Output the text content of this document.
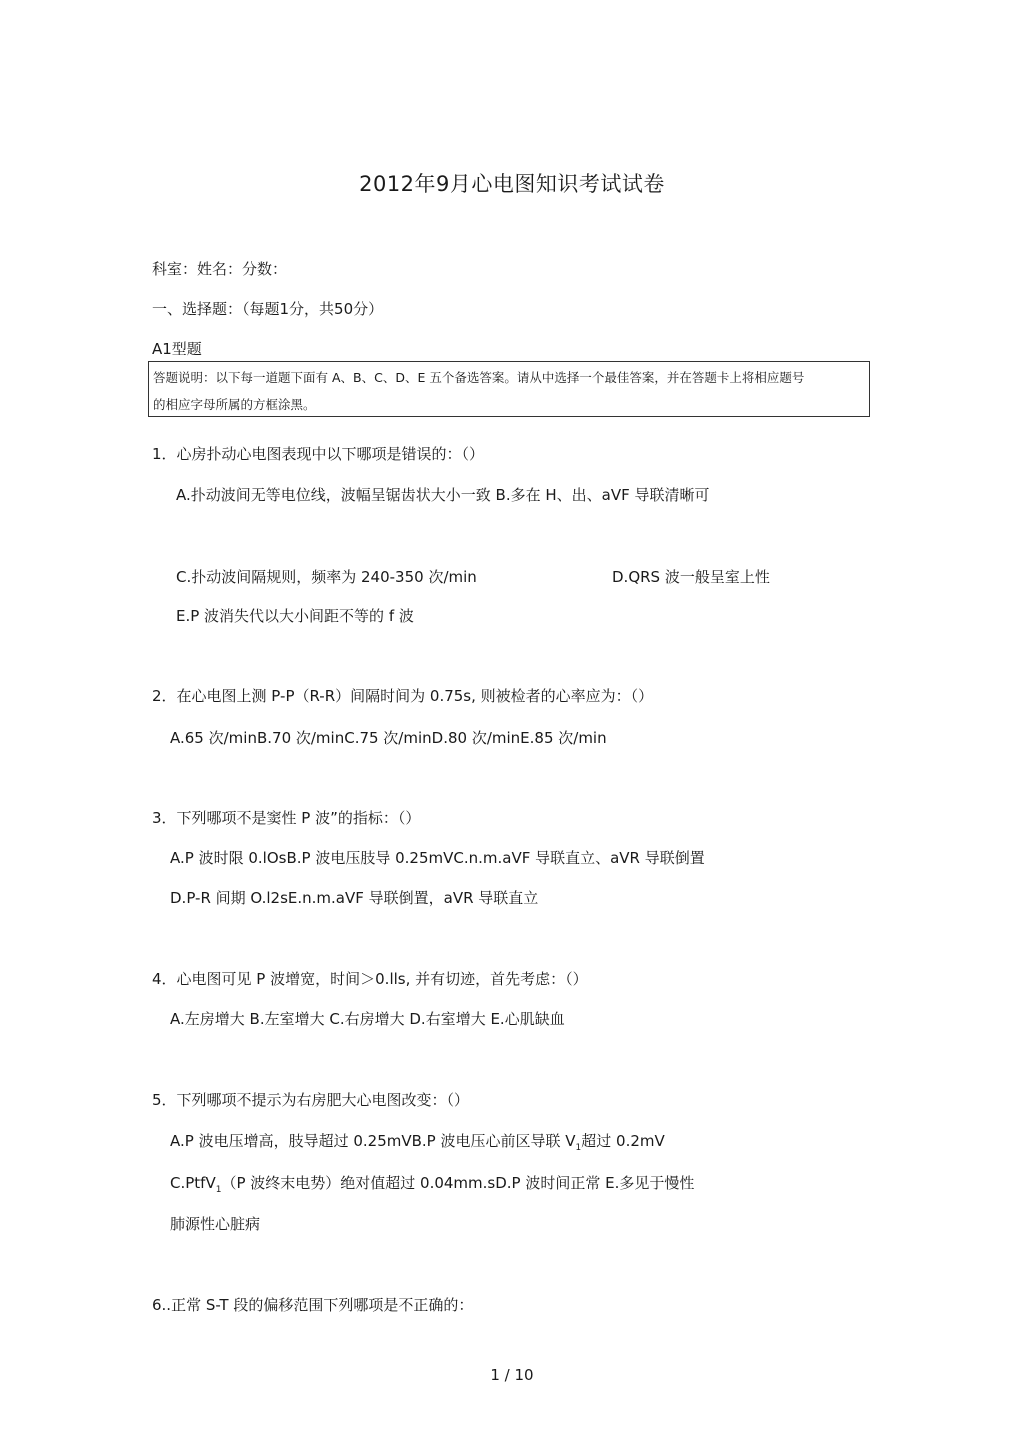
2012年9月心电图知识考试试卷
科室：姓名：分数：
一、选择题：（每题1分，共50分）
A1型题
答题说明：以下每一道题下面有 A、B、C、D、E 五个备选答案。请从中选择一个最佳答案，并在答题卡上将相应题号
的相应字母所属的方框涂黑。
1．心房扑动心电图表现中以下哪项是错误的：（）
A.扑动波间无等电位线，波幅呈锯齿状大小一致 B.多在 H、出、aVF 导联清晰可
C.扑动波间隔规则，频率为 240-350 次/min	D.QRS 波一般呈室上性
E.P 波消失代以大小间距不等的 f 波
2．在心电图上测 P-P（R-R）间隔时间为 0.75s, 则被检者的心率应为：（）
A.65 次/minB.70 次/minC.75 次/minD.80 次/minE.85 次/min
3．下列哪项不是窦性 P 波”的指标：（）
A.P 波时限 0.lOsB.P 波电压肢导 0.25mVC.n.m.aVF 导联直立、aVR 导联倒置
D.P-R 间期 O.l2sE.n.m.aVF 导联倒置，aVR 导联直立
4．心电图可见 P 波增宽，时间＞0.lls, 并有切迹，首先考虑：（）
A.左房增大 B.左室增大 C.右房增大 D.右室增大 E.心肌缺血
5．下列哪项不提示为右房肥大心电图改变：（）
A.P 波电压增高，肢导超过 0.25mVB.P 波电压心前区导联 $V_1$超过 0.2mV
C.PtfV$_1$（P 波终末电势）绝对值超过 0.04mm.sD.P 波时间正常 E.多见于慢性
肺源性心脏病
6..正常 S-T 段的偏移范围下列哪项是不正确的：
1 / 10
